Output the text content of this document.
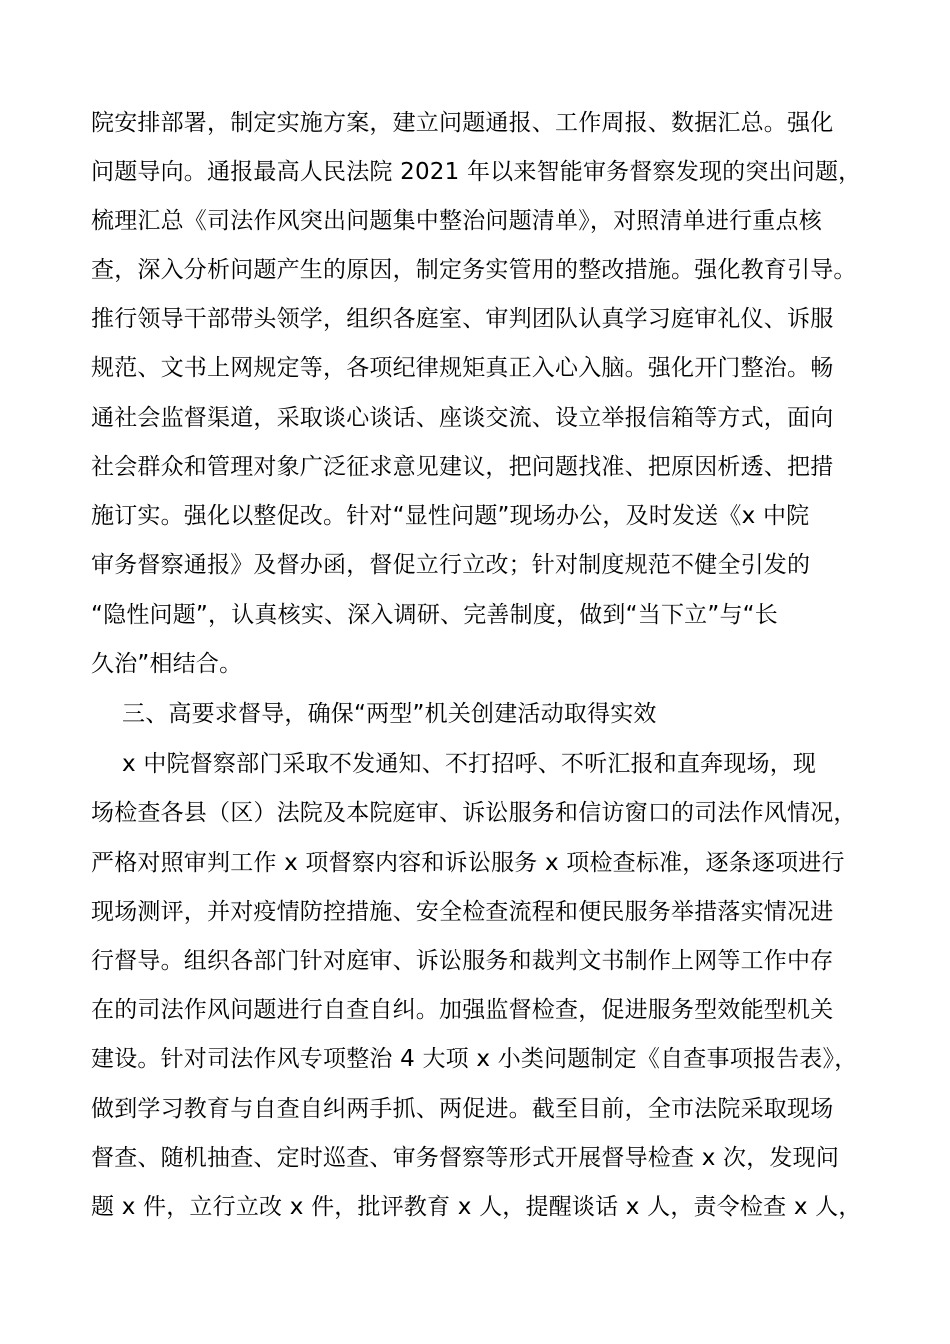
院安排部署，制定实施方案，建立问题通报、工作周报、数据汇总。强化
问题导向。通报最高人民法院 2021 年以来智能审务督察发现的突出问题，
梳理汇总《司法作风突出问题集中整治问题清单》，对照清单进行重点核
查，深入分析问题产生的原因，制定务实管用的整改措施。强化教育引导。
推行领导干部带头领学，组织各庭室、审判团队认真学习庭审礼仪、诉服
规范、文书上网规定等，各项纪律规矩真正入心入脑。强化开门整治。畅
通社会监督渠道，采取谈心谈话、座谈交流、设立举报信箱等方式，面向
社会群众和管理对象广泛征求意见建议，把问题找准、把原因析透、把措
施订实。强化以整促改。针对“显性问题”现场办公，及时发送《x 中院
审务督察通报》及督办函，督促立行立改；针对制度规范不健全引发的
“隐性问题”，认真核实、深入调研、完善制度，做到“当下立”与“长
久治”相结合。
三、高要求督导，确保“两型”机关创建活动取得实效
x 中院督察部门采取不发通知、不打招呼、不听汇报和直奔现场，现
场检查各县（区）法院及本院庭审、诉讼服务和信访窗口的司法作风情况，
严格对照审判工作 x 项督察内容和诉讼服务 x 项检查标准，逐条逐项进行
现场测评，并对疫情防控措施、安全检查流程和便民服务举措落实情况进
行督导。组织各部门针对庭审、诉讼服务和裁判文书制作上网等工作中存
在的司法作风问题进行自查自纠。加强监督检查，促进服务型效能型机关
建设。针对司法作风专项整治 4 大项 x 小类问题制定《自查事项报告表》，
做到学习教育与自查自纠两手抓、两促进。截至目前，全市法院采取现场
督查、随机抽查、定时巡查、审务督察等形式开展督导检查 x 次，发现问
题 x 件，立行立改 x 件，批评教育 x 人，提醒谈话 x 人，责令检查 x 人，
